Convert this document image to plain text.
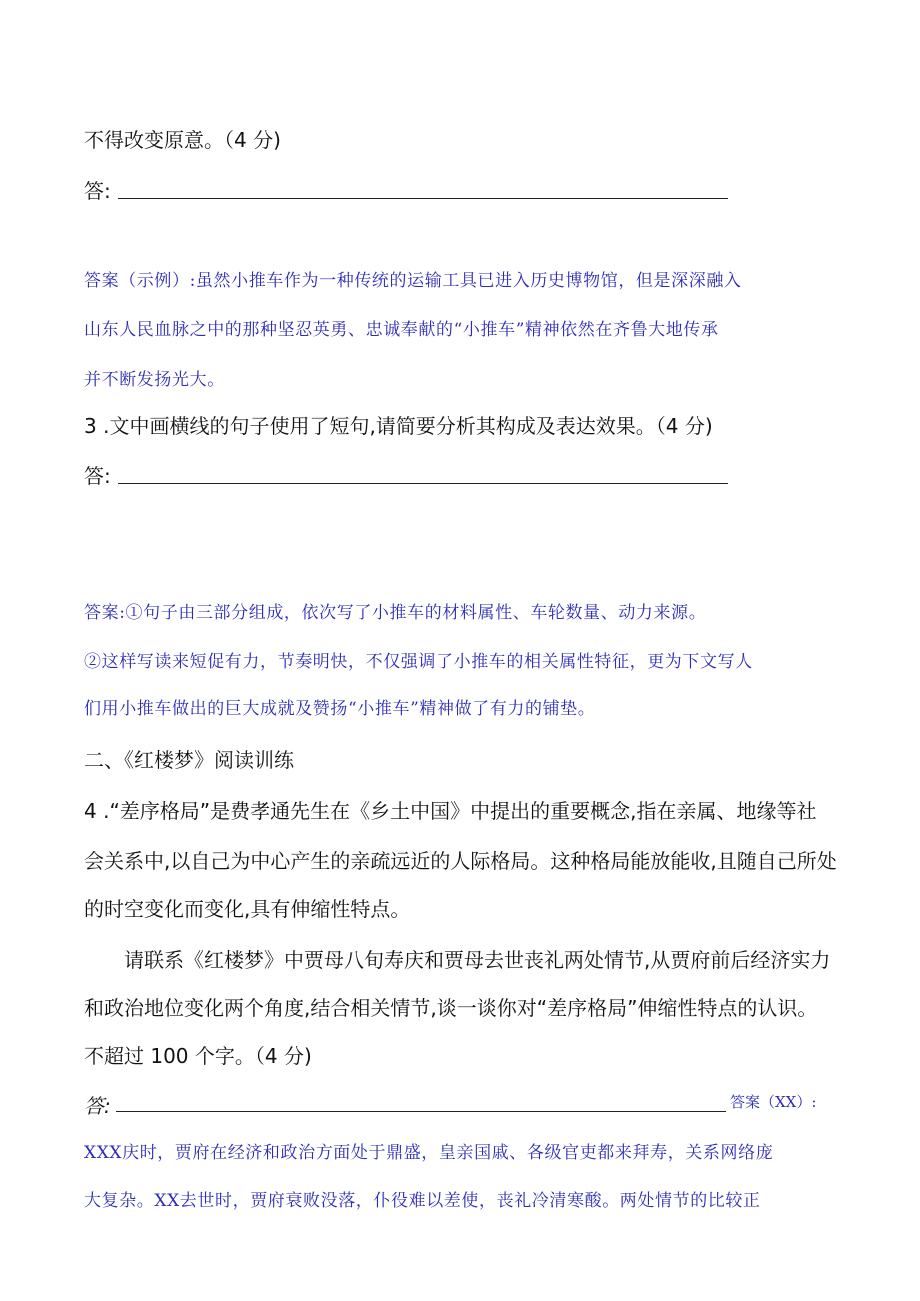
不得改变原意。（4 分)
答:
答案（示例）:虽然小推车作为一种传统的运输工具已进入历史博物馆，但是深深融入
山东人民血脉之中的那种坚忍英勇、忠诚奉献的“小推车”精神依然在齐鲁大地传承
并不断发扬光大。
3 .文中画横线的句子使用了短句,请简要分析其构成及表达效果。（4 分)
答:
答案:①句子由三部分组成，依次写了小推车的材料属性、车轮数量、动力来源。
②这样写读来短促有力，节奏明快，不仅强调了小推车的相关属性特征，更为下文写人
们用小推车做出的巨大成就及赞扬“小推车”精神做了有力的铺垫。
二、《红楼梦》阅读训练
4 .“差序格局”是费孝通先生在《乡土中国》中提出的重要概念,指在亲属、地缘等社
会关系中,以自己为中心产生的亲疏远近的人际格局。这种格局能放能收,且随自己所处
的时空变化而变化,具有伸缩性特点。
请联系《红楼梦》中贾母八旬寿庆和贾母去世丧礼两处情节,从贾府前后经济实力
和政治地位变化两个角度,结合相关情节,谈一谈你对“差序格局”伸缩性特点的认识。
不超过 100 个字。（4 分)
答:	答案（XX）:
XXX庆时，贾府在经济和政治方面处于鼎盛，皇亲国戚、各级官吏都来拜寿，关系网络庞
大复杂。XX去世时，贾府衰败没落，仆役难以差使，丧礼冷清寒酸。两处情节的比较正
